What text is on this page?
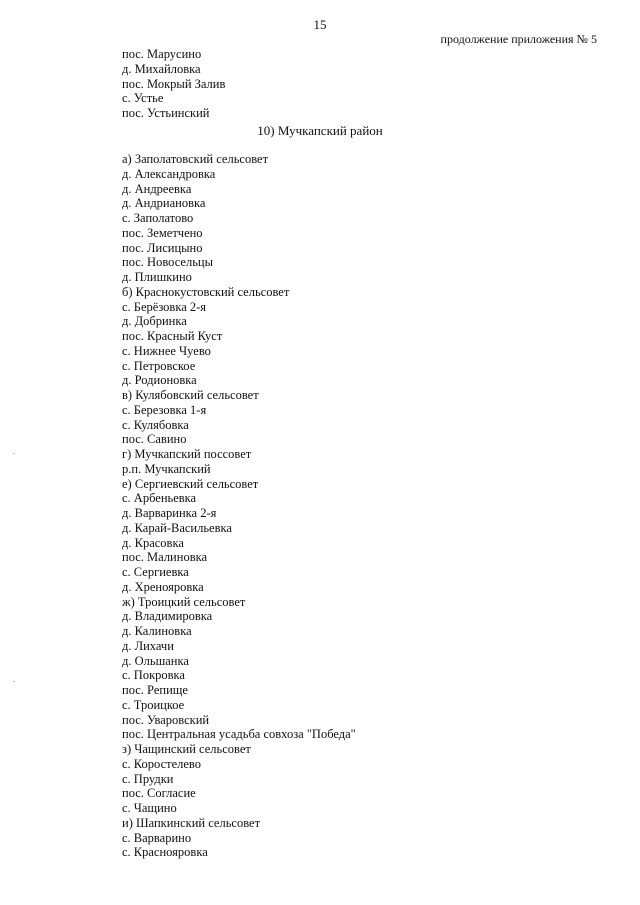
15
продолжение приложения № 5
пос. Марусино
д. Михайловка
пос. Мокрый Залив
с. Устье
пос. Устьинский
10) Мучкапский район
а) Заполатовский сельсовет
д. Александровка
д. Андреевка
д. Андриановка
с. Заполатово
пос. Земетчено
пос. Лисицыно
пос. Новосельцы
д. Плишкино
б) Краснокустовский сельсовет
с. Берёзовка 2-я
д. Добринка
пос. Красный Куст
с. Нижнее Чуево
с. Петровское
д. Родионовка
в) Кулябовский сельсовет
с. Березовка 1-я
с. Кулябовка
пос. Савино
г) Мучкапский поссовет
р.п. Мучкапский
е) Сергиевский сельсовет
с. Арбеньевка
д. Варваринка 2-я
д. Карай-Васильевка
д. Красовка
пос. Малиновка
с. Сергиевка
д. Хренояровка
ж) Троицкий сельсовет
д. Владимировка
д. Калиновка
д. Лихачи
д. Ольшанка
с. Покровка
пос. Репище
с. Троицкое
пос. Уваровский
пос. Центральная усадьба совхоза "Победа"
з) Чащинский сельсовет
с. Коростелево
с. Прудки
пос. Согласие
с. Чащино
и) Шапкинский сельсовет
с. Варварино
с. Краснояровка
